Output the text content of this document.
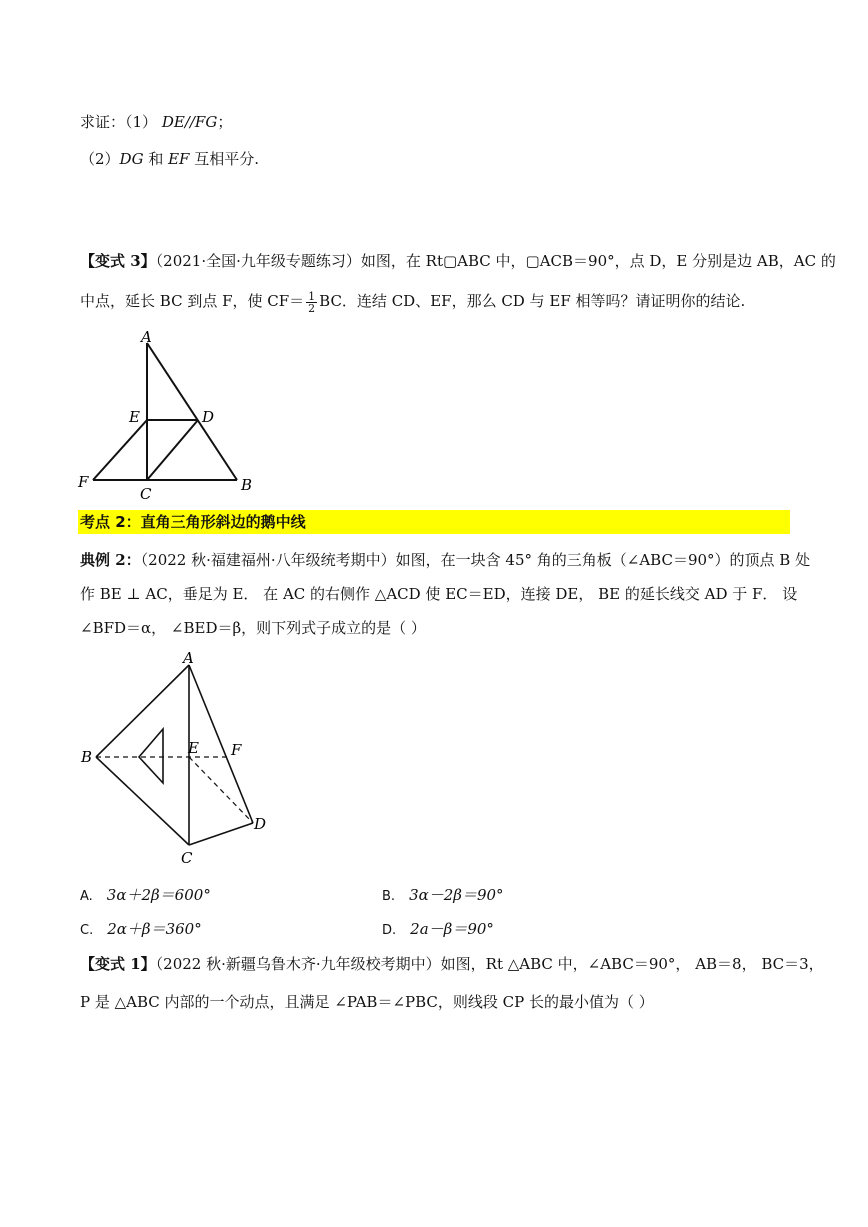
求证：（1） DE//FG；
（2）DG 和 EF 互相平分.
【变式 3】（2021·全国·九年级专题练习）如图，在 Rt▢ABC 中，▢ACB＝90°，点 D，E 分别是边 AB，AC 的
中点，延长 BC 到点 F，使 $CF= \frac{1}{2}$ BC．连结 CD、EF，那么 CD 与 EF 相等吗？请证明你的结论.
A
E	D
F
C	B
考点 2：直角三角形斜边的鹅中线
典例 2：（2022 秋·福建福州·八年级统考期中）如图，在一块含 45° 角的三角板（∠ABC＝90°）的顶点 B 处
作 BE ⊥ AC，垂足为 E． 在 AC 的右侧作 △ACD 使 EC＝ED，连接 DE， BE 的延长线交 AD 于 F． 设
∠BFD＝α， ∠BED＝β，则下列式子成立的是（ ）
A
B	E F
D
C
A. 3α＋2β＝600°	B. 3α－2β＝90°
C. 2α＋β＝360°	D. 2a－β＝90°
【变式 1】（2022 秋·新疆乌鲁木齐·九年级校考期中）如图，Rt △ABC 中，∠ABC＝90°， AB＝8， BC＝3，
P 是 △ABC 内部的一个动点，且满足 ∠PAB＝∠PBC，则线段 CP 长的最小值为（ ）
